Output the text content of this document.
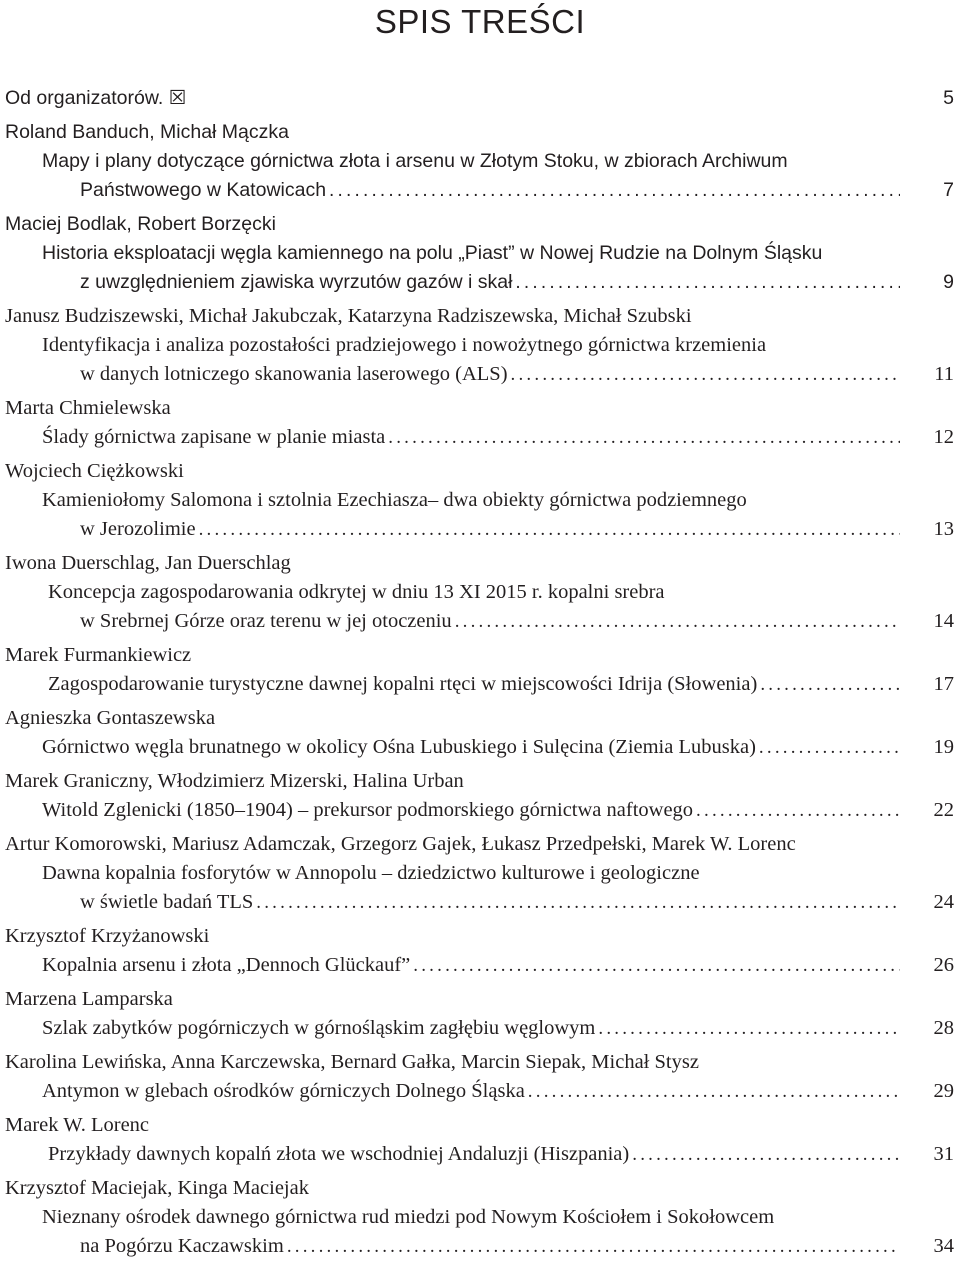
SPIS TREŚCI
Od organizatorów. ☒	5
Roland Banduch, Michał Mączka
Mapy i plany dotyczące górnictwa złota i arsenu w Złotym Stoku, w zbiorach Archiwum
Państwowego w Katowicach .....	7
Maciej Bodlak, Robert Borzęcki
Historia eksploatacji węgla kamiennego na polu „Piast” w Nowej Rudzie na Dolnym Śląsku
z uwzględnieniem zjawiska wyrzutów gazów i skał .....	9
Janusz Budziszewski, Michał Jakubczak, Katarzyna Radziszewska, Michał Szubski
Identyfikacja i analiza pozostałości pradziejowego i nowożytnego górnictwa krzemienia
w danych lotniczego skanowania laserowego (ALS) .....	11
Marta Chmielewska
Ślady górnictwa zapisane w planie miasta .....	12
Wojciech Ciężkowski
Kamieniołomy Salomona i sztolnia Ezechiasza– dwa obiekty górnictwa podziemnego
w Jerozolimie .....	13
Iwona Duerschlag, Jan Duerschlag
Koncepcja zagospodarowania odkrytej w dniu 13 XI 2015 r. kopalni srebra
w Srebrnej Górze oraz terenu w jej otoczeniu .....	14
Marek Furmankiewicz
Zagospodarowanie turystyczne dawnej kopalni rtęci w miejscowości Idrija (Słowenia) .....	17
Agnieszka Gontaszewska
Górnictwo węgla brunatnego w okolicy Ośna Lubuskiego i Sulęcina (Ziemia Lubuska) .....	19
Marek Graniczny, Włodzimierz Mizerski, Halina Urban
Witold Zglenicki (1850–1904) – prekursor podmorskiego górnictwa naftowego .....	22
Artur Komorowski, Mariusz Adamczak, Grzegorz Gajek, Łukasz Przedpełski, Marek W. Lorenc
Dawna kopalnia fosforytów w Annopolu – dziedzictwo kulturowe i geologiczne
w świetle badań TLS .....	24
Krzysztof Krzyżanowski
Kopalnia arsenu i złota „Dennoch Glückauf” .....	26
Marzena Lamparska
Szlak zabytków pogórniczych w górnośląskim zagłębiu węglowym .....	28
Karolina Lewińska, Anna Karczewska, Bernard Gałka, Marcin Siepak, Michał Stysz
Antymon w glebach ośrodków górniczych Dolnego Śląska .....	29
Marek W. Lorenc
Przykłady dawnych kopalń złota we wschodniej Andaluzji (Hiszpania) .....	31
Krzysztof Maciejak, Kinga Maciejak
Nieznany ośrodek dawnego górnictwa rud miedzi pod Nowym Kościołem i Sokołowcem
na Pogórzu Kaczawskim .....	34
